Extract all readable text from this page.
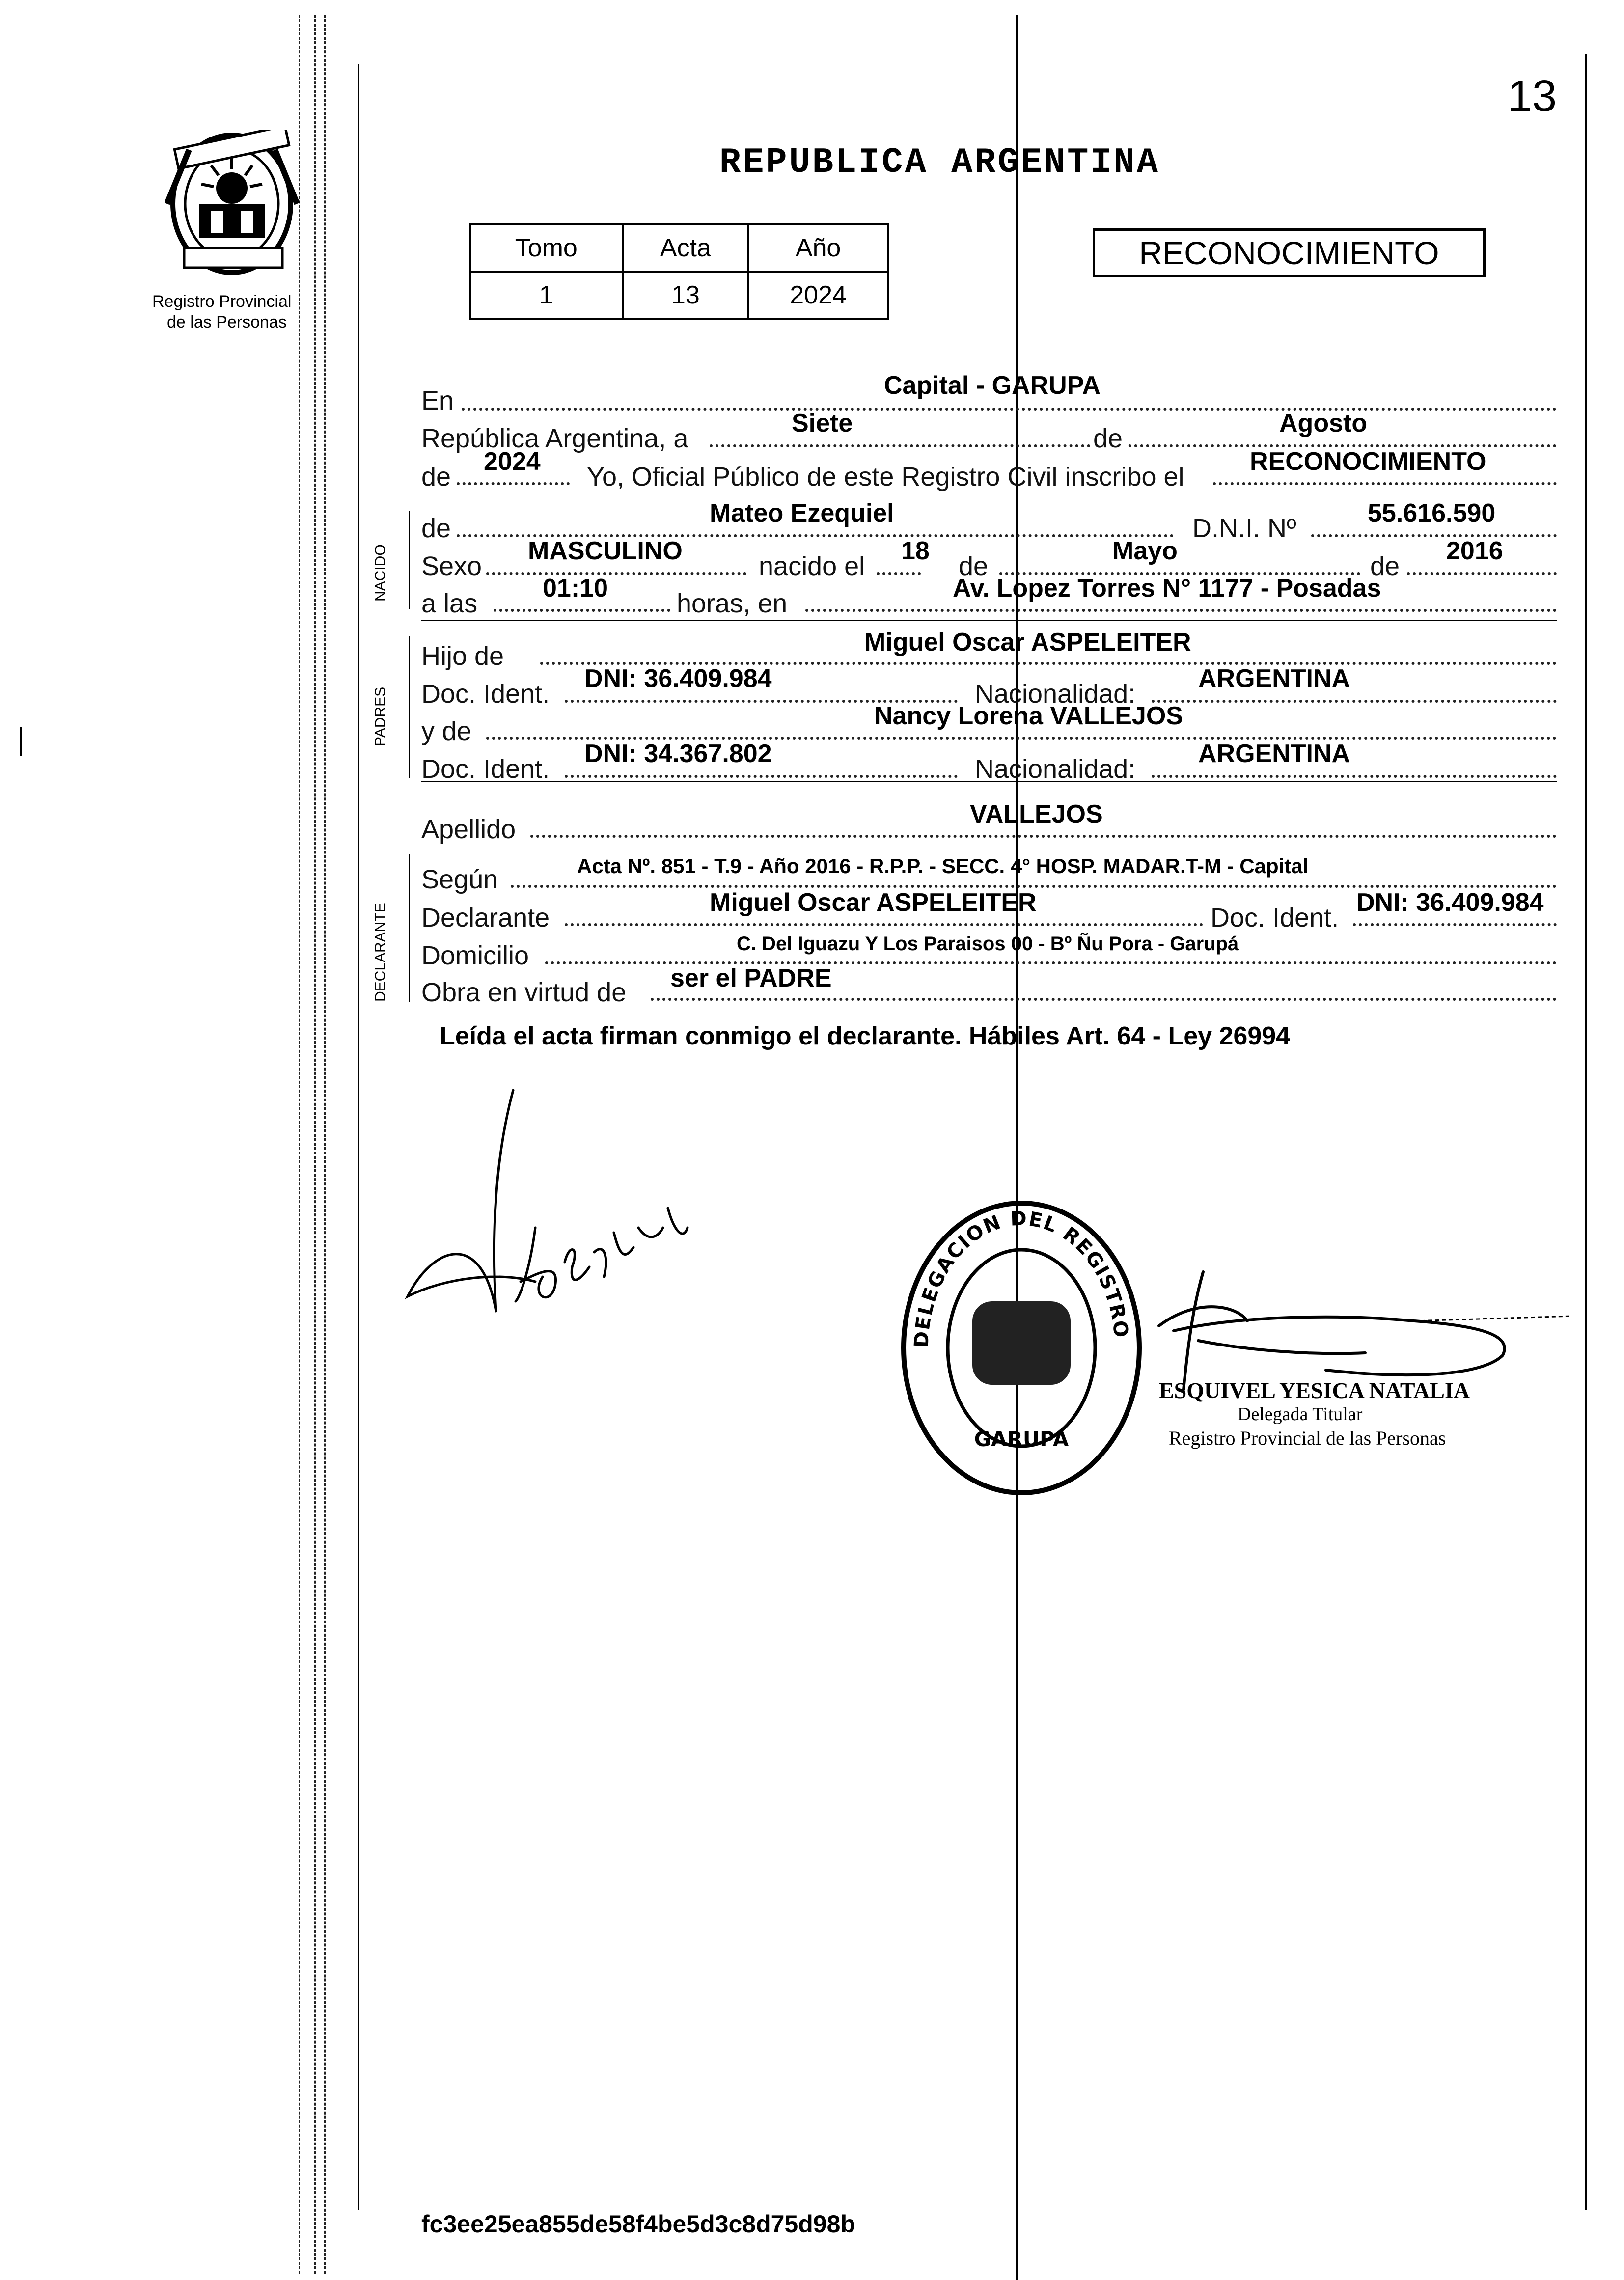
13
Registro Provincial
de las Personas
REPUBLICA ARGENTINA
Tomo	Acta	Año
1	13	2024
RECONOCIMIENTO
En
Capital - GARUPA
República Argentina, a
Siete
de
Agosto
de
2024
Yo, Oficial Público de este Registro Civil inscribo el
RECONOCIMIENTO
NACIDO
de
Mateo Ezequiel
D.N.I. Nº
55.616.590
Sexo
MASCULINO
nacido el
18
de
Mayo
de
2016
a las
01:10
horas, en
Av. Lopez Torres N° 1177 - Posadas
PADRES
Hijo de	Miguel Oscar ASPELEITER
Doc. Ident.
DNI: 36.409.984
Nacionalidad:
ARGENTINA
y de
Nancy Lorena VALLEJOS
Doc. Ident.
DNI: 34.367.802
Nacionalidad:
ARGENTINA
Apellido
VALLEJOS
DECLARANTE
Según	Acta Nº. 851 - T.9 - Año 2016 - R.P.P. - SECC. 4° HOSP. MADAR.T-M - Capital
Declarante
Miguel Oscar ASPELEITER
Doc. Ident.
DNI: 36.409.984
Domicilio	C. Del Iguazu Y Los Paraisos 00 - Bº Ñu Pora - Garupá
Obra en virtud de ser el PADRE
Leída el acta firman conmigo el declarante. Hábiles Art. 64 - Ley 26994
DELEGACION DEL REGISTRO
GARUPA
ESQUIVEL YESICA NATALIA
Delegada Titular
Registro Provincial de las Personas
fc3ee25ea855de58f4be5d3c8d75d98b
